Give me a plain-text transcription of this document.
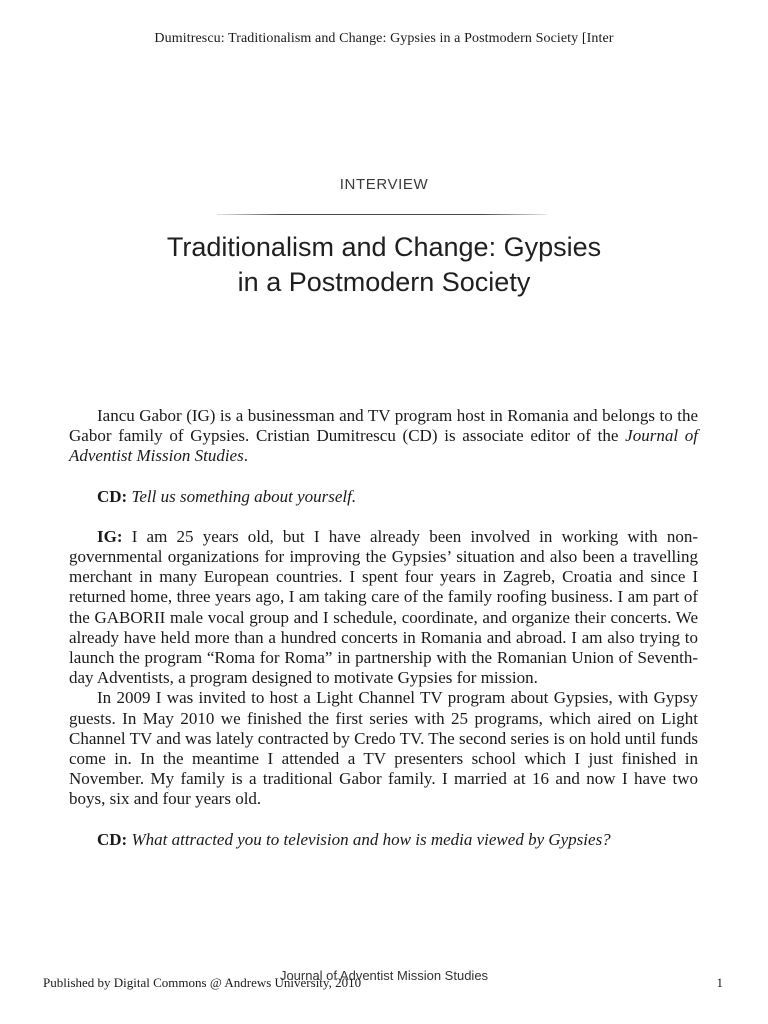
Dumitrescu: Traditionalism and Change: Gypsies in a Postmodern Society [Inter
INTERVIEW
Traditionalism and Change: Gypsies
in a Postmodern Society

Iancu Gabor (IG) is a businessman and TV program host in Romania and belongs to the Gabor family of Gypsies. Cristian Dumitrescu (CD) is associate editor of the Journal of Adventist Mission Studies.

CD: Tell us something about yourself.

IG: I am 25 years old, but I have already been involved in working with non-governmental organizations for improving the Gypsies’ situation and also been a travelling merchant in many European countries. I spent four years in Zagreb, Croatia and since I returned home, three years ago, I am taking care of the family roofing business. I am part of the GABORII male vocal group and I schedule, coordinate, and organize their concerts. We already have held more than a hundred concerts in Romania and abroad. I am also trying to launch the program “Roma for Roma” in partnership with the Romanian Union of Seventh-day Adventists, a program designed to motivate Gypsies for mission.

In 2009 I was invited to host a Light Channel TV program about Gypsies, with Gypsy guests. In May 2010 we finished the first series with 25 programs, which aired on Light Channel TV and was lately contracted by Credo TV. The second series is on hold until funds come in. In the meantime I attended a TV presenters school which I just finished in November. My family is a traditional Gabor family. I married at 16 and now I have two boys, six and four years old.

CD: What attracted you to television and how is media viewed by Gypsies?

Journal of Adventist Mission Studies
Published by Digital Commons @ Andrews University, 2010	1
